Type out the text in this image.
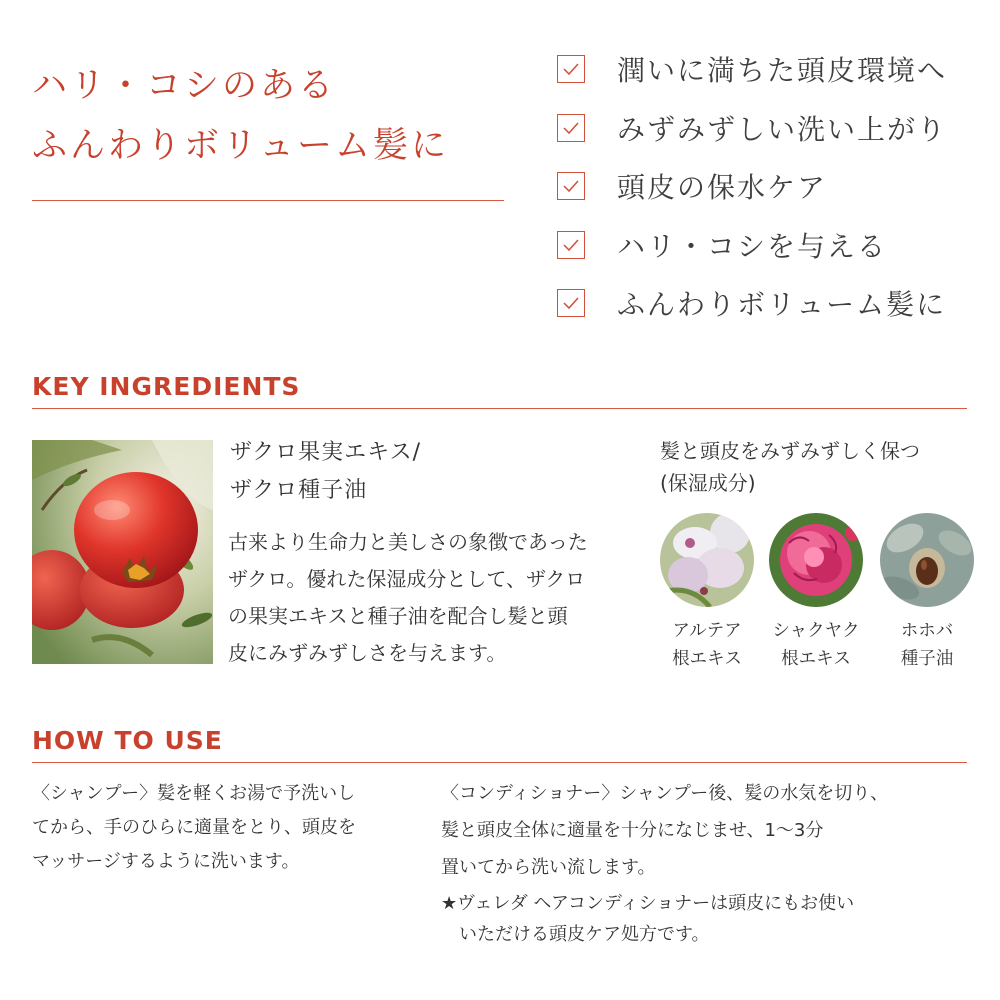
ハリ・コシのある
ふんわりボリューム髪に
潤いに満ちた頭皮環境へ
みずみずしい洗い上がり
頭皮の保水ケア
ハリ・コシを与える
ふんわりボリューム髪に
KEY INGREDIENTS
ザクロ果実エキス/
ザクロ種子油

古来より生命力と美しさの象徴であった
ザクロ。優れた保湿成分として、ザクロ
の果実エキスと種子油を配合し髪と頭
皮にみずみずしさを与えます。

髪と頭皮をみずみずしく保つ
(保湿成分)
アルテア
根エキス
シャクヤク
根エキス
ホホバ
種子油
HOW TO USE

〈シャンプー〉髪を軽くお湯で予洗いし
てから、手のひらに適量をとり、頭皮を
マッサージするように洗います。

〈コンディショナー〉シャンプー後、髪の水気を切り、
髪と頭皮全体に適量を十分になじませ、1〜3分
置いてから洗い流します。
★ヴェレダ ヘアコンディショナーは頭皮にもお使い
いただける頭皮ケア処方です。
